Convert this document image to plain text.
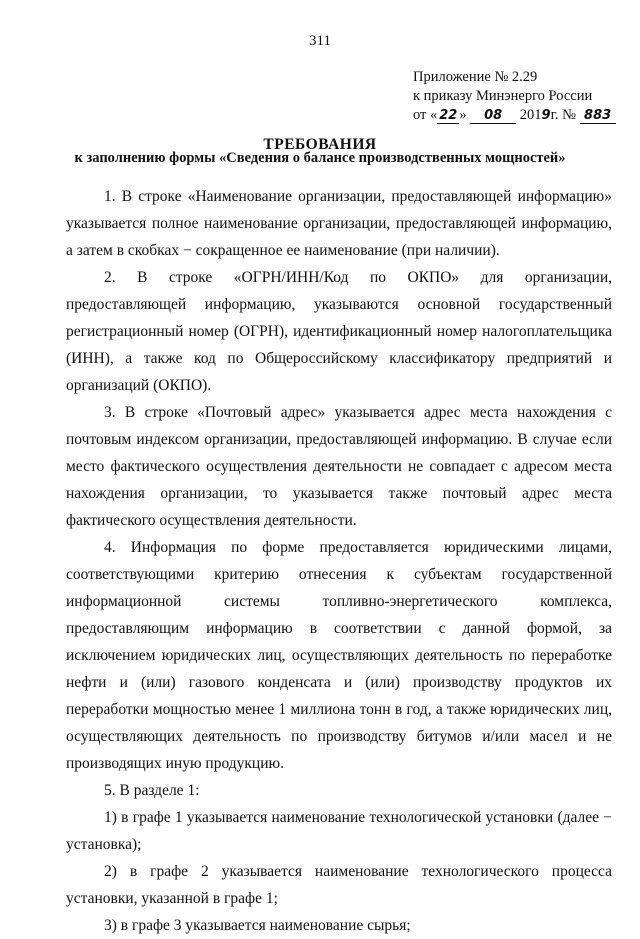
311
Приложение № 2.29
к приказу Минэнерго России
от « 22 » 08 2019г. № 883
ТРЕБОВАНИЯ
к заполнению формы «Сведения о балансе производственных мощностей»

1. В строке «Наименование организации, предоставляющей информацию» указывается полное наименование организации, предоставляющей информацию, а затем в скобках − сокращенное ее наименование (при наличии).

2. В строке «ОГРН/ИНН/Код по ОКПО» для организации, предоставляющей информацию, указываются основной государственный регистрационный номер (ОГРН), идентификационный номер налогоплательщика (ИНН), а также код по Общероссийскому классификатору предприятий и организаций (ОКПО).

3. В строке «Почтовый адрес» указывается адрес места нахождения с почтовым индексом организации, предоставляющей информацию. В случае если место фактического осуществления деятельности не совпадает с адресом места нахождения организации, то указывается также почтовый адрес места фактического осуществления деятельности.

4. Информация по форме предоставляется юридическими лицами, соответствующими критерию отнесения к субъектам государственной информационной системы топливно-энергетического комплекса, предоставляющим информацию в соответствии с данной формой, за исключением юридических лиц, осуществляющих деятельность по переработке нефти и (или) газового конденсата и (или) производству продуктов их переработки мощностью менее 1 миллиона тонн в год, а также юридических лиц, осуществляющих деятельность по производству битумов и/или масел и не производящих иную продукцию.

5. В разделе 1:

1) в графе 1 указывается наименование технологической установки (далее − установка);

2) в графе 2 указывается наименование технологического процесса установки, указанной в графе 1;

3) в графе 3 указывается наименование сырья;
